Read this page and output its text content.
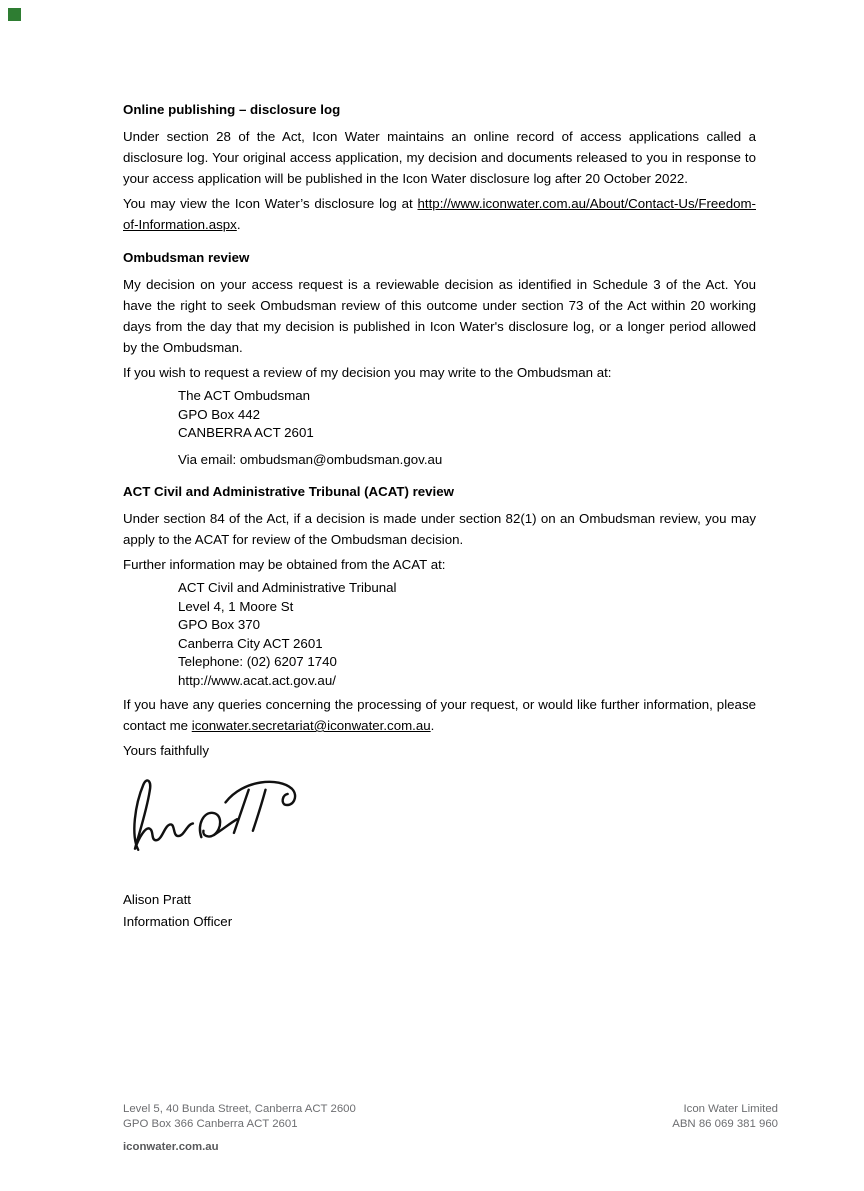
Online publishing – disclosure log

Under section 28 of the Act, Icon Water maintains an online record of access applications called a disclosure log. Your original access application, my decision and documents released to you in response to your access application will be published in the Icon Water disclosure log after 20 October 2022.

You may view the Icon Water’s disclosure log at http://www.iconwater.com.au/About/Contact-Us/Freedom-of-Information.aspx.

Ombudsman review

My decision on your access request is a reviewable decision as identified in Schedule 3 of the Act. You have the right to seek Ombudsman review of this outcome under section 73 of the Act within 20 working days from the day that my decision is published in Icon Water's disclosure log, or a longer period allowed by the Ombudsman.

If you wish to request a review of my decision you may write to the Ombudsman at:

The ACT Ombudsman
GPO Box 442
CANBERRA ACT 2601
Via email: ombudsman@ombudsman.gov.au
ACT Civil and Administrative Tribunal (ACAT) review

Under section 84 of the Act, if a decision is made under section 82(1) on an Ombudsman review, you may apply to the ACAT for review of the Ombudsman decision.

Further information may be obtained from the ACAT at:

ACT Civil and Administrative Tribunal
Level 4, 1 Moore St
GPO Box 370
Canberra City ACT 2601
Telephone: (02) 6207 1740
http://www.acat.act.gov.au/

If you have any queries concerning the processing of your request, or would like further information, please contact me iconwater.secretariat@iconwater.com.au.

Yours faithfully

Alison Pratt
Information Officer
Level 5, 40 Bunda Street, Canberra ACT 2600
GPO Box 366 Canberra ACT 2601
Icon Water Limited
ABN 86 069 381 960
iconwater.com.au
